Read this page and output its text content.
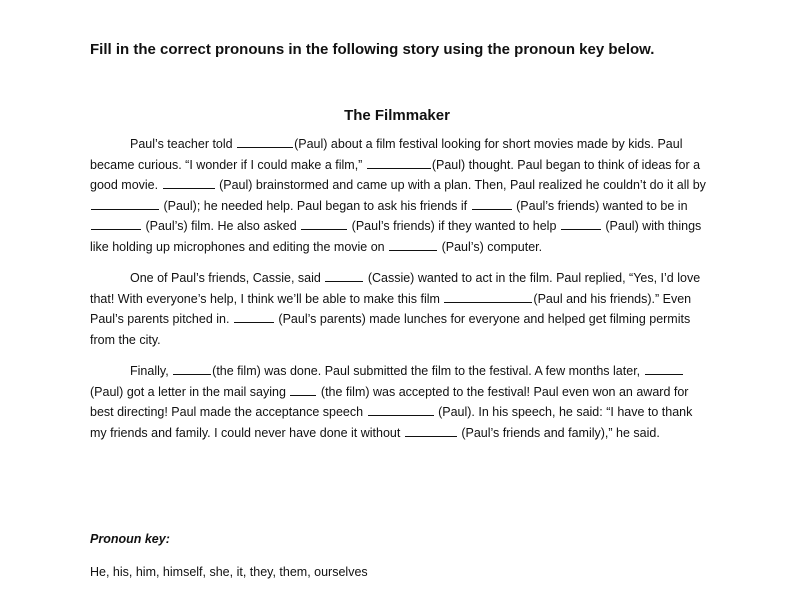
Fill in the correct pronouns in the following story using the pronoun key below.
The Filmmaker

Paul’s teacher told	(Paul) about a film festival looking for short movies made by kids. Paul became curious. “I wonder if I could make a film,”	(Paul) thought. Paul began to think of ideas for a good movie.	(Paul) brainstormed and came up with a plan. Then, Paul realized he couldn’t do it all by  (Paul); he needed help. Paul began to ask his friends if	(Paul’s friends) wanted to be in  (Paul’s) film. He also asked	(Paul’s friends) if they wanted to help	(Paul) with things like holding up microphones and editing the movie on	(Paul’s) computer.

One of Paul’s friends, Cassie, said	(Cassie) wanted to act in the film. Paul replied, “Yes, I’d love that! With everyone’s help, I think we’ll be able to make this film	(Paul and his friends).” Even Paul’s parents pitched in.	(Paul’s parents) made lunches for everyone and helped get filming permits from the city.

Finally,	(the film) was done. Paul submitted the film to the festival. A few months later,  (Paul) got a letter in the mail saying	(the film) was accepted to the festival! Paul even won an award for best directing! Paul made the acceptance speech	(Paul). In his speech, he said: “I have to thank my friends and family. I could never have done it without	(Paul’s friends and family),” he said.

Pronoun key:
He, his, him, himself, she, it, they, them, ourselves
